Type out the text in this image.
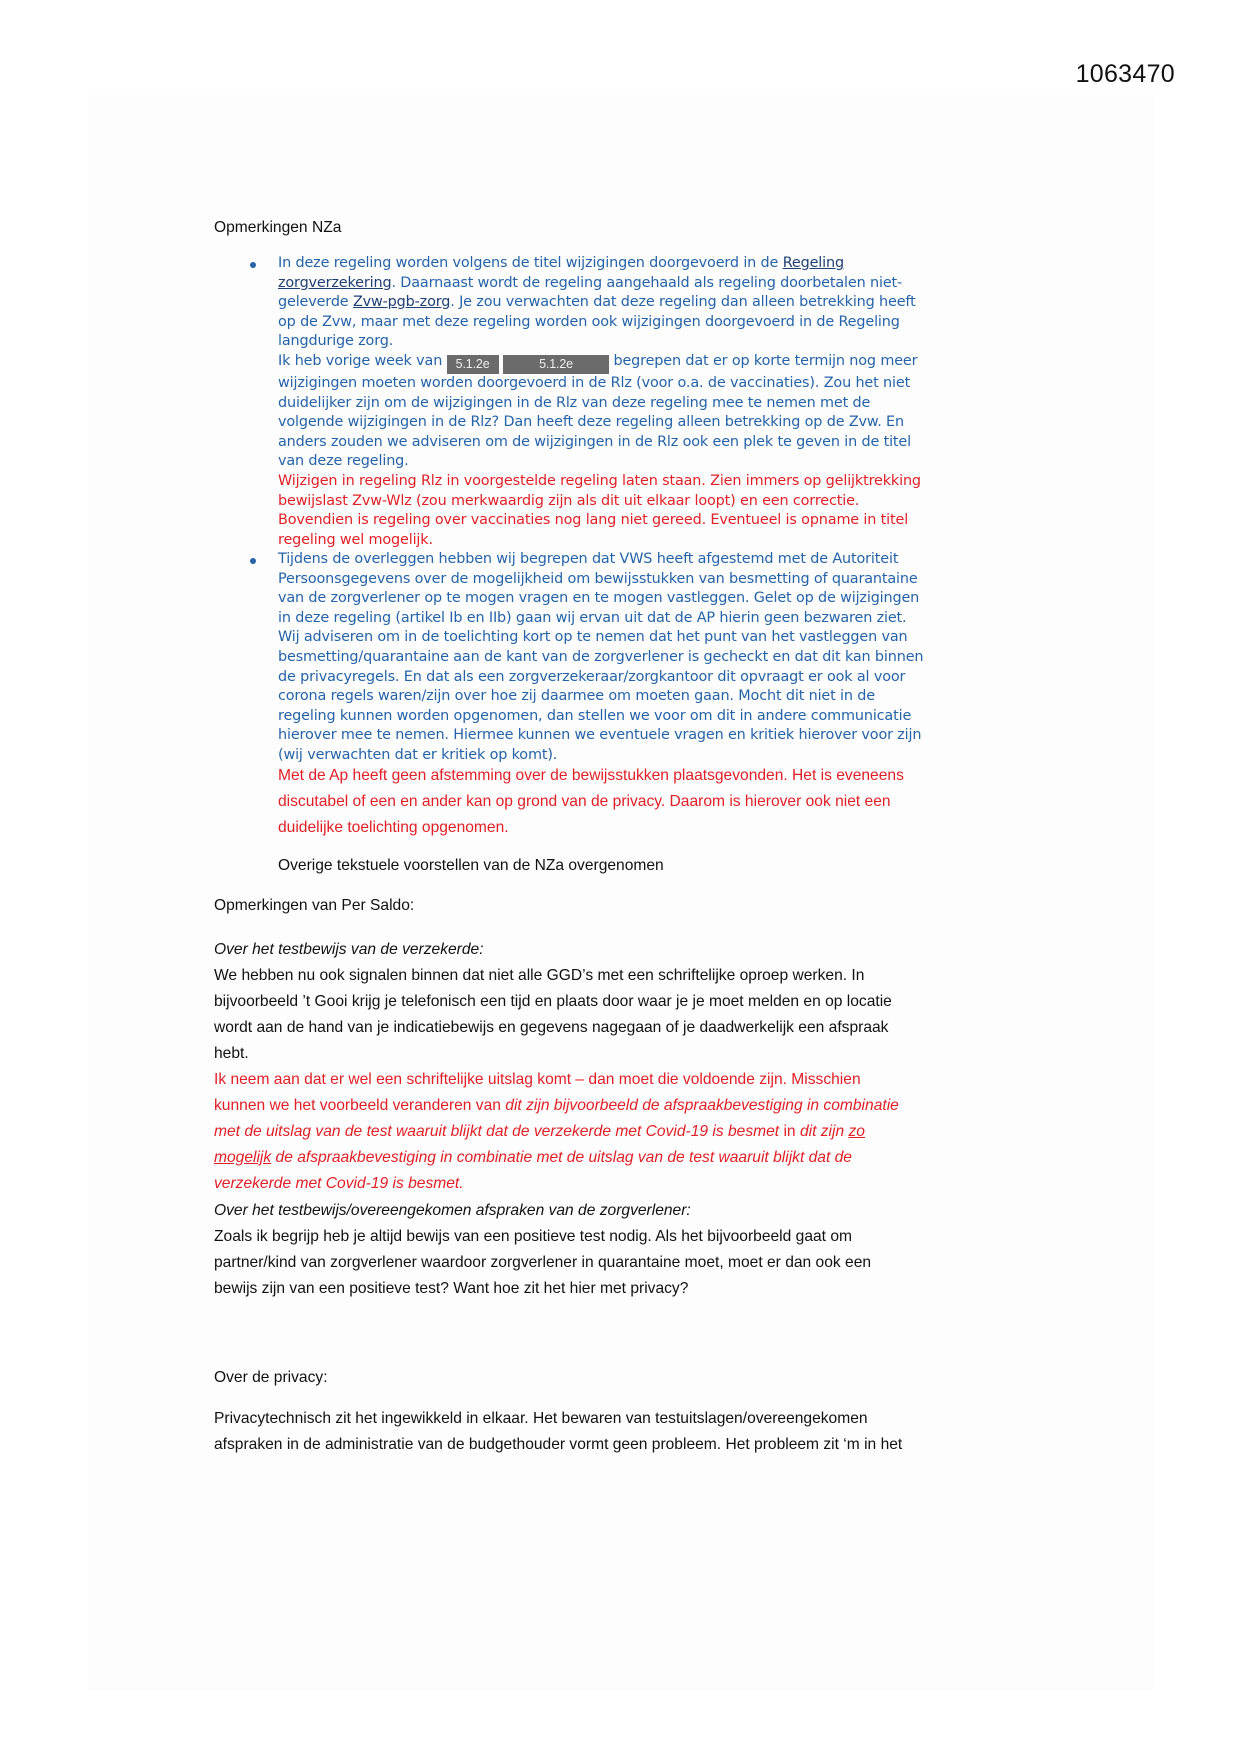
1063470
Opmerkingen NZa
In deze regeling worden volgens de titel wijzigingen doorgevoerd in de Regeling
zorgverzekering. Daarnaast wordt de regeling aangehaald als regeling doorbetalen niet-
geleverde Zvw-pgb-zorg. Je zou verwachten dat deze regeling dan alleen betrekking heeft
op de Zvw, maar met deze regeling worden ook wijzigingen doorgevoerd in de Regeling
langdurige zorg.
Ik heb vorige week van 5.1.2e	5.1.2e	begrepen dat er op korte termijn nog meer
wijzigingen moeten worden doorgevoerd in de Rlz (voor o.a. de vaccinaties). Zou het niet
duidelijker zijn om de wijzigingen in de Rlz van deze regeling mee te nemen met de
volgende wijzigingen in de Rlz? Dan heeft deze regeling alleen betrekking op de Zvw. En
anders zouden we adviseren om de wijzigingen in de Rlz ook een plek te geven in de titel
van deze regeling.
Wijzigen in regeling Rlz in voorgestelde regeling laten staan. Zien immers op gelijktrekking
bewijslast Zvw-Wlz (zou merkwaardig zijn als dit uit elkaar loopt) en een correctie.
Bovendien is regeling over vaccinaties nog lang niet gereed. Eventueel is opname in titel
regeling wel mogelijk.
Tijdens de overleggen hebben wij begrepen dat VWS heeft afgestemd met de Autoriteit
Persoonsgegevens over de mogelijkheid om bewijsstukken van besmetting of quarantaine
van de zorgverlener op te mogen vragen en te mogen vastleggen. Gelet op de wijzigingen
in deze regeling (artikel Ib en IIb) gaan wij ervan uit dat de AP hierin geen bezwaren ziet.
Wij adviseren om in de toelichting kort op te nemen dat het punt van het vastleggen van
besmetting/quarantaine aan de kant van de zorgverlener is gecheckt en dat dit kan binnen
de privacyregels. En dat als een zorgverzekeraar/zorgkantoor dit opvraagt er ook al voor
corona regels waren/zijn over hoe zij daarmee om moeten gaan. Mocht dit niet in de
regeling kunnen worden opgenomen, dan stellen we voor om dit in andere communicatie
hierover mee te nemen. Hiermee kunnen we eventuele vragen en kritiek hierover voor zijn
(wij verwachten dat er kritiek op komt).
Met de Ap heeft geen afstemming over de bewijsstukken plaatsgevonden. Het is eveneens
discutabel of een en ander kan op grond van de privacy. Daarom is hierover ook niet een
duidelijke toelichting opgenomen.
Overige tekstuele voorstellen van de NZa overgenomen
Opmerkingen van Per Saldo:
Over het testbewijs van de verzekerde:
We hebben nu ook signalen binnen dat niet alle GGD’s met een schriftelijke oproep werken. In
bijvoorbeeld ’t Gooi krijg je telefonisch een tijd en plaats door waar je je moet melden en op locatie
wordt aan de hand van je indicatiebewijs en gegevens nagegaan of je daadwerkelijk een afspraak
hebt.
Ik neem aan dat er wel een schriftelijke uitslag komt – dan moet die voldoende zijn. Misschien
kunnen we het voorbeeld veranderen van dit zijn bijvoorbeeld de afspraakbevestiging in combinatie
met de uitslag van de test waaruit blijkt dat de verzekerde met Covid-19 is besmet in dit zijn zo
mogelijk de afspraakbevestiging in combinatie met de uitslag van de test waaruit blijkt dat de
verzekerde met Covid-19 is besmet.
Over het testbewijs/overeengekomen afspraken van de zorgverlener:
Zoals ik begrijp heb je altijd bewijs van een positieve test nodig. Als het bijvoorbeeld gaat om
partner/kind van zorgverlener waardoor zorgverlener in quarantaine moet, moet er dan ook een
bewijs zijn van een positieve test? Want hoe zit het hier met privacy?
Over de privacy:
Privacytechnisch zit het ingewikkeld in elkaar. Het bewaren van testuitslagen/overeengekomen
afspraken in de administratie van de budgethouder vormt geen probleem. Het probleem zit ‘m in het
